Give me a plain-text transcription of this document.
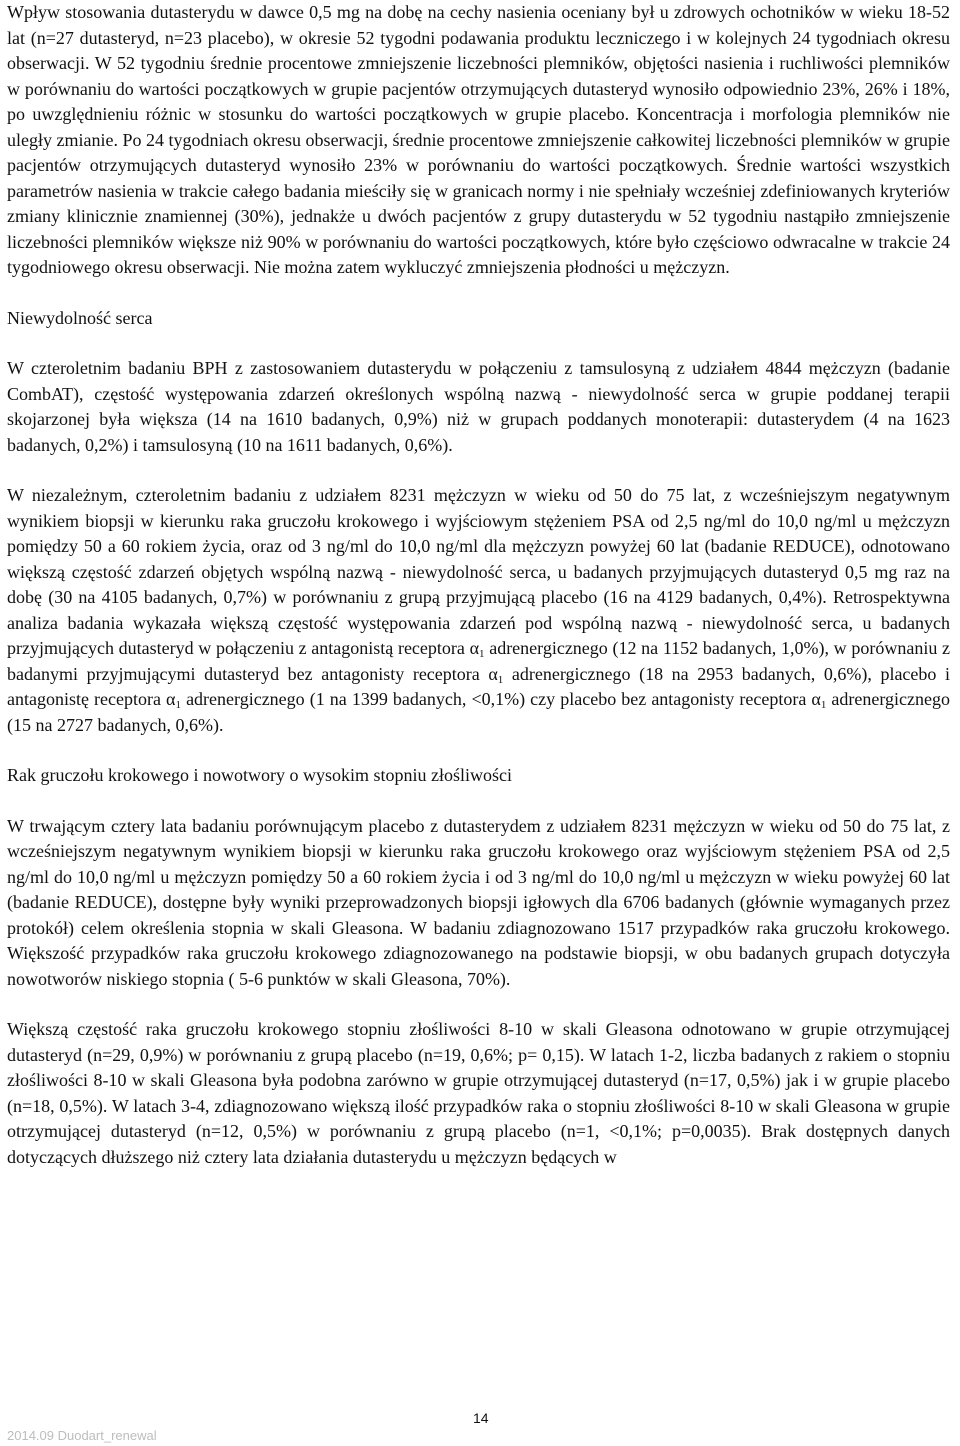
Wpływ stosowania dutasterydu w dawce 0,5 mg na dobę na cechy nasienia oceniany był u zdrowych ochotników w wieku 18-52 lat (n=27 dutasteryd, n=23 placebo), w okresie 52 tygodni podawania produktu leczniczego i w kolejnych 24 tygodniach okresu obserwacji. W 52 tygodniu średnie procentowe zmniejszenie liczebności plemników, objętości nasienia i ruchliwości plemników w porównaniu do wartości początkowych w grupie pacjentów otrzymujących dutasteryd wynosiło odpowiednio 23%, 26% i 18%, po uwzględnieniu różnic w stosunku do wartości początkowych w grupie placebo. Koncentracja i morfologia plemników nie uległy zmianie. Po 24 tygodniach okresu obserwacji, średnie procentowe zmniejszenie całkowitej liczebności plemników w grupie pacjentów otrzymujących dutasteryd wynosiło 23% w porównaniu do wartości początkowych. Średnie wartości wszystkich parametrów nasienia w trakcie całego badania mieściły się w granicach normy i nie spełniały wcześniej zdefiniowanych kryteriów zmiany klinicznie znamiennej (30%), jednakże u dwóch pacjentów z grupy dutasterydu w 52 tygodniu nastąpiło zmniejszenie liczebności plemników większe niż 90% w porównaniu do wartości początkowych, które było częściowo odwracalne w trakcie 24 tygodniowego okresu obserwacji. Nie można zatem wykluczyć zmniejszenia płodności u mężczyzn.

Niewydolność serca

W czteroletnim badaniu BPH z zastosowaniem dutasterydu w połączeniu z tamsulosyną z udziałem 4844 mężczyzn (badanie CombAT), częstość występowania zdarzeń określonych wspólną nazwą - niewydolność serca w grupie poddanej terapii skojarzonej była większa (14 na 1610 badanych, 0,9%) niż w grupach poddanych monoterapii: dutasterydem (4 na 1623 badanych, 0,2%) i tamsulosyną (10 na 1611 badanych, 0,6%).

W niezależnym, czteroletnim badaniu z udziałem 8231 mężczyzn w wieku od 50 do 75 lat, z wcześniejszym negatywnym wynikiem biopsji w kierunku raka gruczołu krokowego i wyjściowym stężeniem PSA od 2,5 ng/ml do 10,0 ng/ml u mężczyzn pomiędzy 50 a 60 rokiem życia, oraz od 3 ng/ml do 10,0 ng/ml dla mężczyzn powyżej 60 lat (badanie REDUCE), odnotowano większą częstość zdarzeń objętych wspólną nazwą - niewydolność serca, u badanych przyjmujących dutasteryd 0,5 mg raz na dobę (30 na 4105 badanych, 0,7%) w porównaniu z grupą przyjmującą placebo (16 na 4129 badanych, 0,4%). Retrospektywna analiza badania wykazała większą częstość występowania zdarzeń pod wspólną nazwą - niewydolność serca, u badanych przyjmujących dutasteryd w połączeniu z antagonistą receptora $\alpha_1$ adrenergicznego (12 na 1152 badanych, 1,0%), w porównaniu z badanymi przyjmującymi dutasteryd bez antagonisty receptora $\alpha_1$ adrenergicznego (18 na 2953 badanych, 0,6%), placebo i antagonistę receptora $\alpha_1$ adrenergicznego (1 na 1399 badanych, <0,1%) czy placebo bez antagonisty receptora $\alpha_1$ adrenergicznego (15 na 2727 badanych, 0,6%).

Rak gruczołu krokowego i nowotwory o wysokim stopniu złośliwości

W trwającym cztery lata badaniu porównującym placebo z dutasterydem z udziałem 8231 mężczyzn w wieku od 50 do 75 lat, z wcześniejszym negatywnym wynikiem biopsji w kierunku raka gruczołu krokowego oraz wyjściowym stężeniem PSA od 2,5 ng/ml do 10,0 ng/ml u mężczyzn pomiędzy 50 a 60 rokiem życia i od 3 ng/ml do 10,0 ng/ml u mężczyzn w wieku powyżej 60 lat (badanie REDUCE), dostępne były wyniki przeprowadzonych biopsji igłowych dla 6706 badanych (głównie wymaganych przez protokół) celem określenia stopnia w skali Gleasona. W badaniu zdiagnozowano 1517 przypadków raka gruczołu krokowego. Większość przypadków raka gruczołu krokowego zdiagnozowanego na podstawie biopsji, w obu badanych grupach dotyczyła nowotworów niskiego stopnia ( 5-6 punktów w skali Gleasona, 70%).

Większą częstość raka gruczołu krokowego stopniu złośliwości 8-10 w skali Gleasona odnotowano w grupie otrzymującej dutasteryd (n=29, 0,9%) w porównaniu z grupą placebo (n=19, 0,6%; p= 0,15). W latach 1-2, liczba badanych z rakiem o stopniu złośliwości 8-10 w skali Gleasona była podobna zarówno w grupie otrzymującej dutasteryd (n=17, 0,5%) jak i w grupie placebo (n=18, 0,5%). W latach 3-4, zdiagnozowano większą ilość przypadków raka o stopniu złośliwości 8-10 w skali Gleasona w grupie otrzymującej dutasteryd (n=12, 0,5%) w porównaniu z grupą placebo (n=1, <0,1%; p=0,0035). Brak dostępnych danych dotyczących dłuższego niż cztery lata działania dutasterydu u mężczyzn będących w

14
2014.09 Duodart_renewal
